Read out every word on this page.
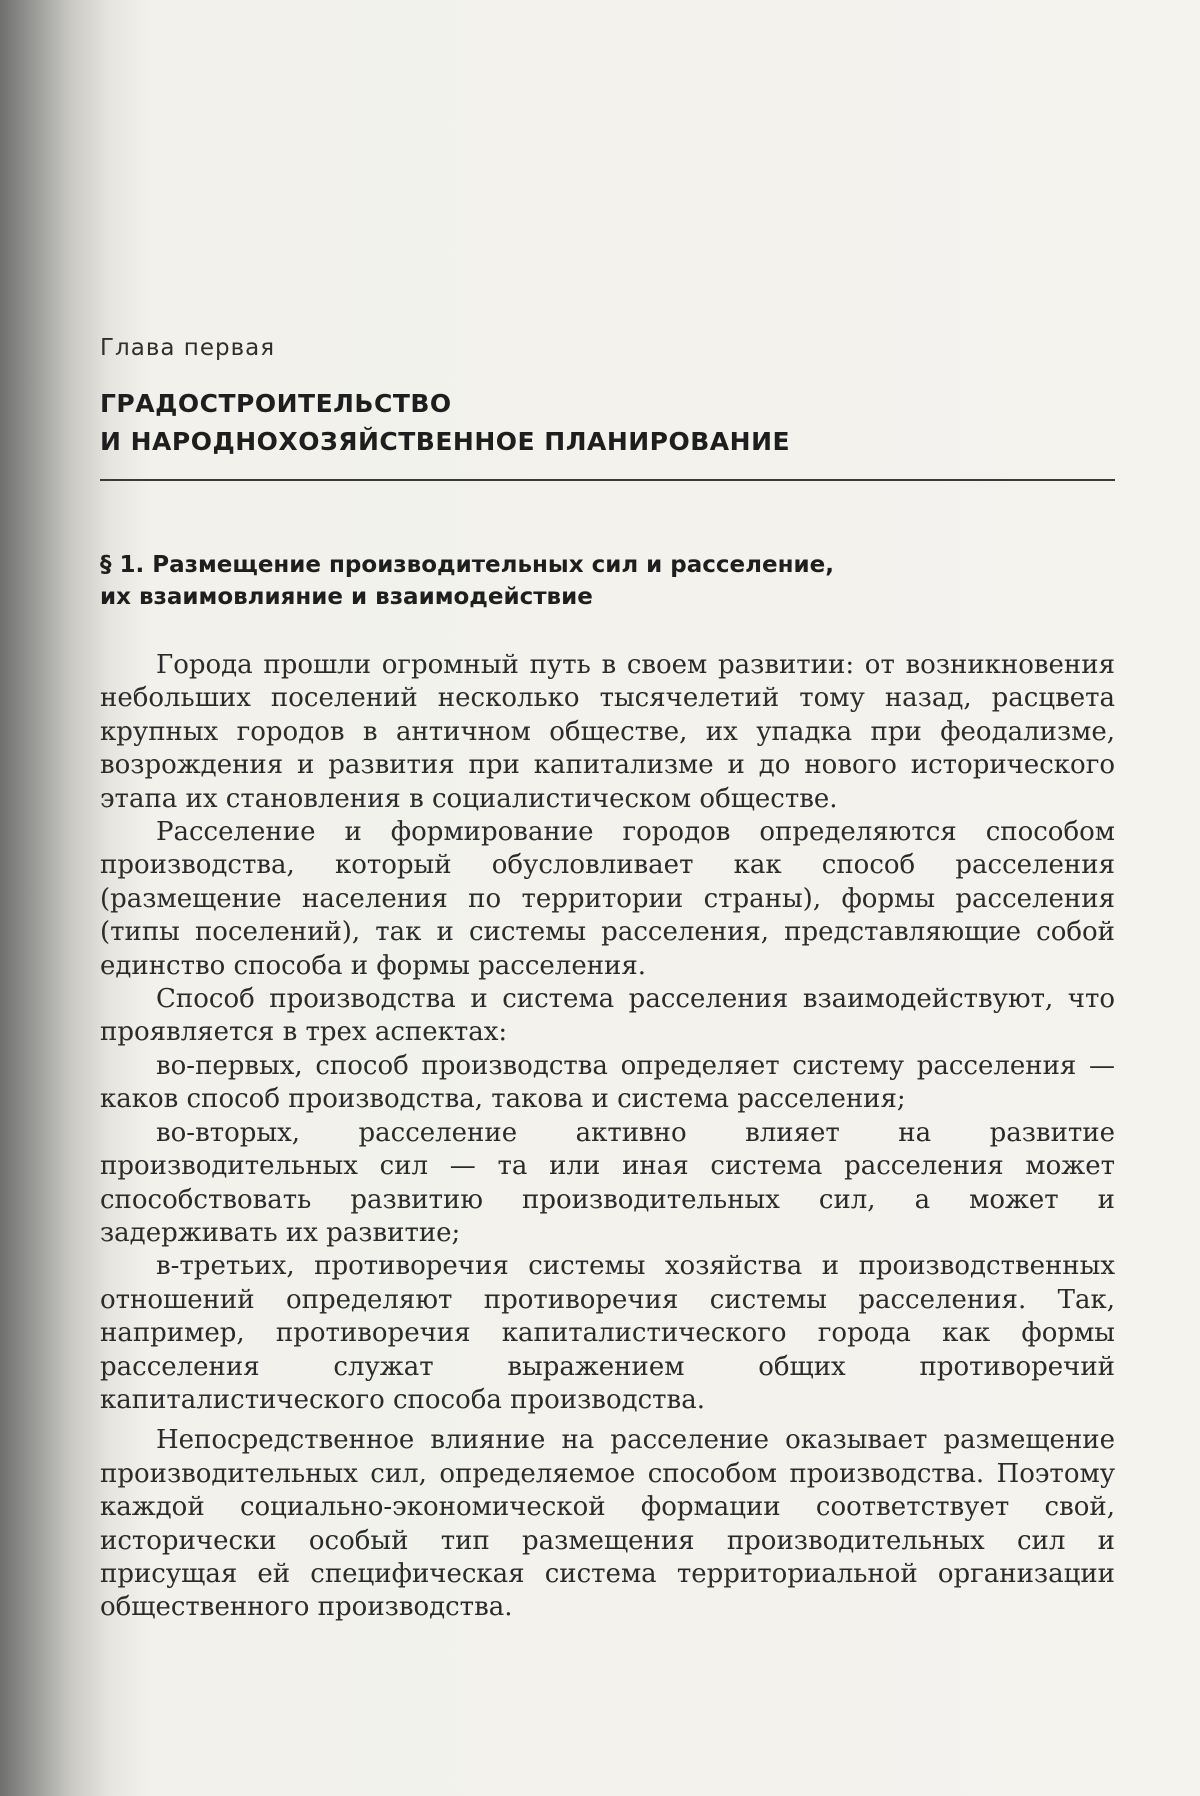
Глава первая
ГРАДОСТРОИТЕЛЬСТВО
И НАРОДНОХОЗЯЙСТВЕННОЕ ПЛАНИРОВАНИЕ
§ 1. Размещение производительных сил и расселение,
их взаимовлияние и взаимодействие

Города прошли огромный путь в своем развитии: от возникновения небольших поселений несколько тысячелетий тому назад, расцвета крупных городов в античном обществе, их упадка при феодализме, возрождения и развития при капитализме и до нового исторического этапа их становления в социалистическом обществе.

Расселение и формирование городов определяются способом производства, который обусловливает как способ расселения (размещение населения по территории страны), формы расселения (типы поселений), так и системы расселения, представляющие собой единство способа и формы расселения.

Способ производства и система расселения взаимодействуют, что проявляется в трех аспектах:

во-первых, способ производства определяет систему расселения — каков способ производства, такова и система расселения;

во-вторых, расселение активно влияет на развитие производительных сил — та или иная система расселения может способствовать развитию производительных сил, а может и задерживать их развитие;

в-третьих, противоречия системы хозяйства и производственных отношений определяют противоречия системы расселения. Так, например, противоречия капиталистического города как формы расселения служат выражением общих противоречий капиталистического способа производства.

Непосредственное влияние на расселение оказывает размещение производительных сил, определяемое способом производства. Поэтому каждой социально-экономической формации соответствует свой, исторически особый тип размещения производительных сил и присущая ей специфическая система территориальной организации общественного производства.
